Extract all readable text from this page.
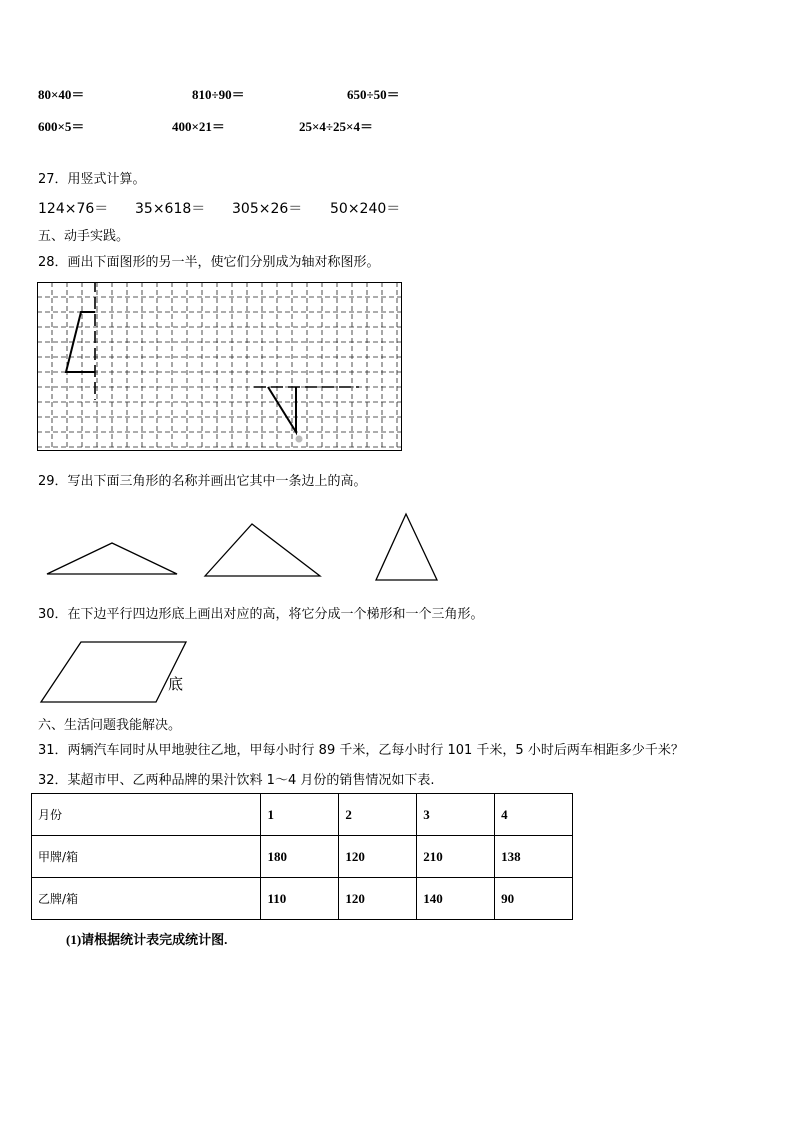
80×40＝	810÷90＝	650÷50＝
600×5＝	400×21＝	25×4÷25×4＝
27．用竖式计算。
124×76＝ 35×618＝ 305×26＝ 50×240＝
五、动手实践。
28．画出下面图形的另一半，使它们分别成为轴对称图形。
29．写出下面三角形的名称并画出它其中一条边上的高。
30．在下边平行四边形底上画出对应的高，将它分成一个梯形和一个三角形。
底
六、生活问题我能解决。
31．两辆汽车同时从甲地驶往乙地，甲每小时行 89 千米，乙每小时行 101 千米，5 小时后两车相距多少千米？
32．某超市甲、乙两种品牌的果汁饮料 1～4 月份的销售情况如下表.
月份	1	2	3	4
甲牌/箱	180	120	210	138
乙牌/箱	110	120	140	90
(1)请根据统计表完成统计图.
